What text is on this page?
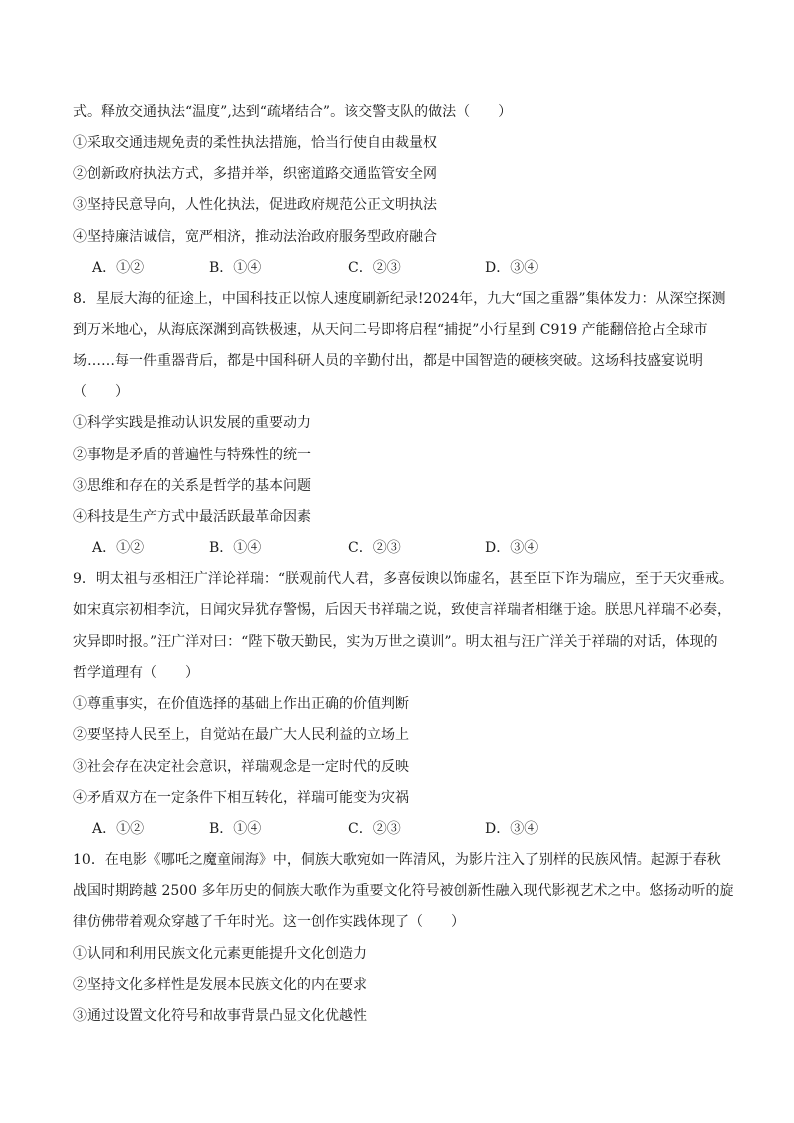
式。释放交通执法“温度”,达到“疏堵结合”。该交警支队的做法（　　）
①采取交通违规免责的柔性执法措施，恰当行使自由裁量权
②创新政府执法方式，多措并举，织密道路交通监管安全网
③坚持民意导向，人性化执法，促进政府规范公正文明执法
④坚持廉洁诚信，宽严相济，推动法治政府服务型政府融合
A．①②	B．①④	C．②③	D．③④
8．星辰大海的征途上，中国科技正以惊人速度刷新纪录!2024年，九大“国之重器”集体发力：从深空探测
到万米地心，从海底深渊到高铁极速，从天问二号即将启程“捕捉”小行星到 C919 产能翻倍抢占全球市
场……每一件重器背后，都是中国科研人员的辛勤付出，都是中国智造的硬核突破。这场科技盛宴说明
（　　）
①科学实践是推动认识发展的重要动力
②事物是矛盾的普遍性与特殊性的统一
③思维和存在的关系是哲学的基本问题
④科技是生产方式中最活跃最革命因素
A．①②	B．①④	C．②③	D．③④
9．明太祖与丞相汪广洋论祥瑞：“朕观前代人君，多喜佞谀以饰虚名，甚至臣下诈为瑞应，至于天灾垂戒。
如宋真宗初相李沆，日闻灾异犹存警惕，后因天书祥瑞之说，致使言祥瑞者相继于途。朕思凡祥瑞不必奏，
灾异即时报。”汪广洋对曰：“陛下敬天勤民，实为万世之谟训”。明太祖与汪广洋关于祥瑞的对话，体现的
哲学道理有（　　）
①尊重事实，在价值选择的基础上作出正确的价值判断
②要坚持人民至上，自觉站在最广大人民利益的立场上
③社会存在决定社会意识，祥瑞观念是一定时代的反映
④矛盾双方在一定条件下相互转化，祥瑞可能变为灾祸
A．①②	B．①④	C．②③	D．③④
10．在电影《哪吒之魔童闹海》中，侗族大歌宛如一阵清风，为影片注入了别样的民族风情。起源于春秋
战国时期跨越 2500 多年历史的侗族大歌作为重要文化符号被创新性融入现代影视艺术之中。悠扬动听的旋
律仿佛带着观众穿越了千年时光。这一创作实践体现了（　　）
①认同和利用民族文化元素更能提升文化创造力
②坚持文化多样性是发展本民族文化的内在要求
③通过设置文化符号和故事背景凸显文化优越性
